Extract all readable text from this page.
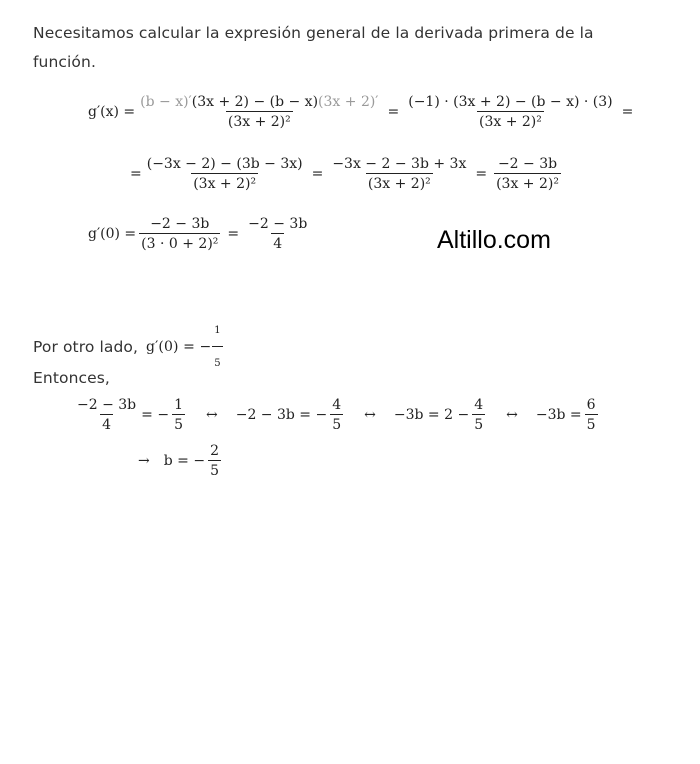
Necesitamos calcular la expresión general de la derivada primera de la
función.
$g'(x) = \frac{(b - x)'(3x + 2) - (b - x)(3x + 2)'}{\text{(3x + 2)²}} = \frac{(-1) \cdot (3x + 2) - (b - x) \cdot (3)}{\text{(3x + 2)²}}$ =
= $\frac{(-3x - 2) - (3b - 3x)}{\text{(3x + 2)²}} = \frac{-3x - 2 - 3b + 3x}{\text{(3x + 2)²}} = \frac{-2 - 3b}{\text{(3x + 2)²}}$
$g'(0) = \frac{-2 - 3b}{\text{(3 · 0 + 2)²}} = \frac{-2 - 3b}{4}$	Altillo.com
Por otro lado, g′(0) = − $\frac{1}{5}$
Entonces,
$\frac{-2 - 3b}{4}$ = − $\frac{1}{5}$ ↔ −2 − 3b = − $\frac{4}{5}$ ↔ $-3b = 2 - \frac{4}{5}$ ↔ $-3b = \frac{6}{5}$
→ b = − $\frac{2}{5}$
